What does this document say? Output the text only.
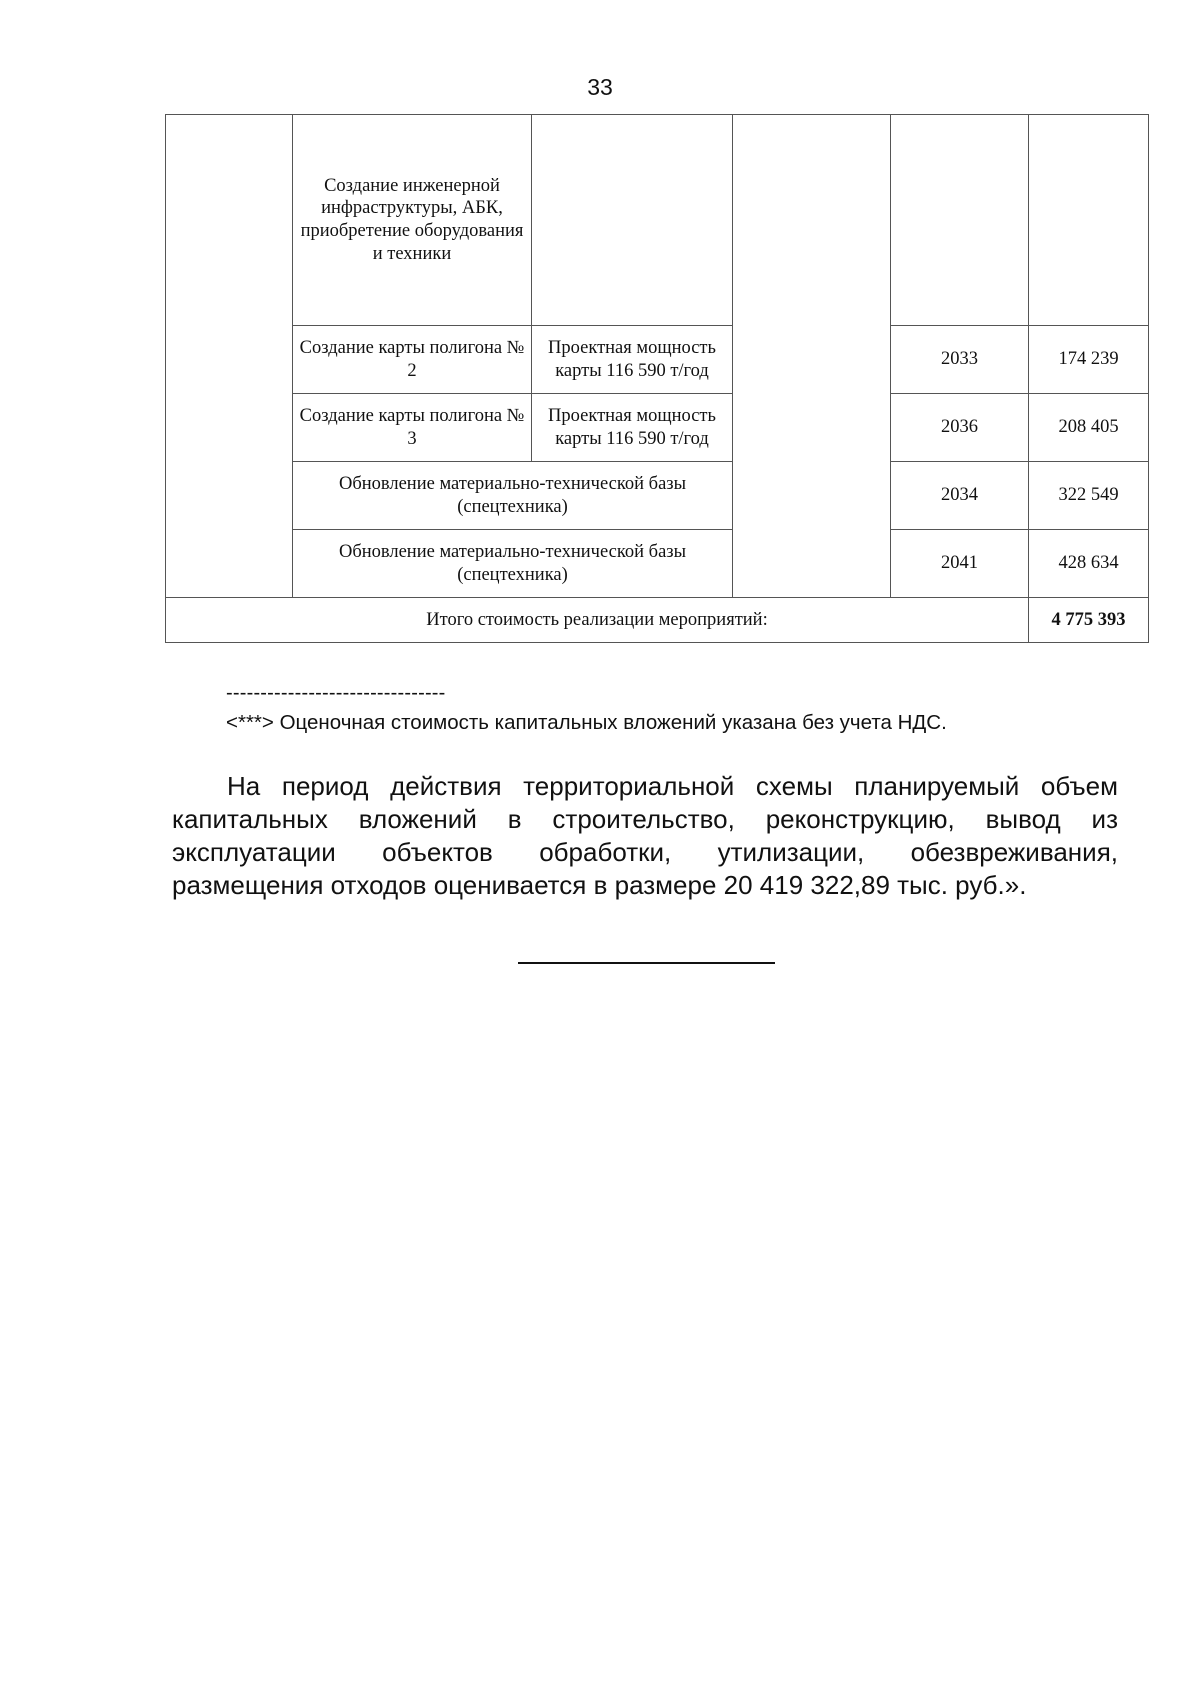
33
	Создание инженерной инфраструктуры, АБК, приобретение оборудования и техники				
	Создание карты полигона № 2	Проектная мощность карты 116 590 т/год		2033	174 239
	Создание карты полигона № 3	Проектная мощность карты 116 590 т/год		2036	208 405
	Обновление материально-технической базы (спецтехника)			2034	322 549
	Обновление материально-технической базы (спецтехника)			2041	428 634
Итого стоимость реализации мероприятий:					4 775 393
--------------------------------
<***> Оценочная стоимость капитальных вложений указана без учета НДС.

На период действия территориальной схемы планируемый объем капитальных вложений в строительство, реконструкцию, вывод из эксплуатации объектов обработки, утилизации, обезвреживания, размещения отходов оценивается в размере 20 419 322,89 тыс. руб.».
